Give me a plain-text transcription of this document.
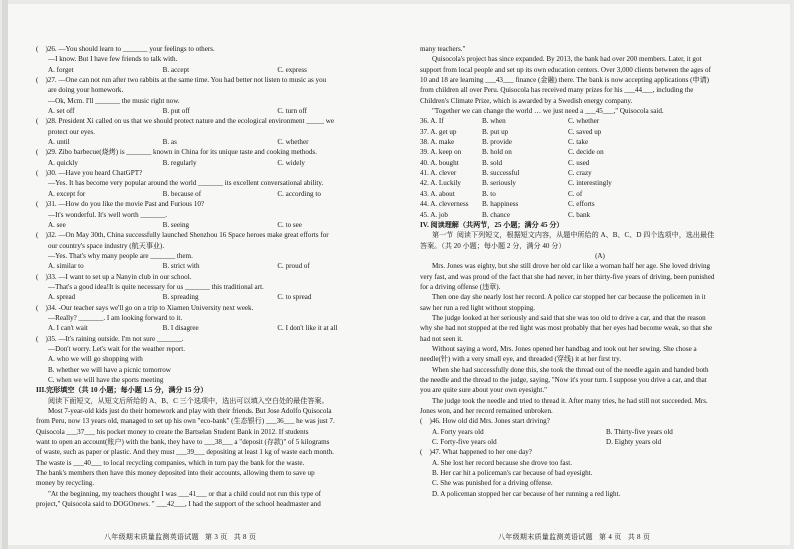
(    )26. —You should learn to _______ your feelings to others.
—I know. But I have few friends to talk with.
A. forget	B. accept	C. express
(    )27. —One can not run after two rabbits at the same time. You had better not listen to music as you
are doing your homework.
—Ok, Mcm. I'll _______ the music right now.
A. set off	B. put off	C. turn off
(    )28. President Xi called on us that we should protect nature and the ecological environment _____ we
protect our eyes.
A. until	B. as	C. whether
(    )29. Zibo barbecue(烧烤) is _______ known in China for its unique taste and cooking methods.
A. quickly	B. regularly	C. widely
(    )30. —Have you heard ChatGPT?
—Yes. It has become very popular around the world _______ its excellent conversational ability.
A. except for	B. because of	C. according to
(    )31. —How do you like the movie Past and Furious 10?
—It's wonderful. It's well worth _______.
A. see	B. seeing	C. to see
(    )32. —On May 30th, China successfully launched Shenzhou 16 Space heroes make great efforts for
our country's space industry (航天事业).
—Yes. That's why many people are _______ them.
A. similar to	B. strict with	C. proud of
(    )33. —I want to set up a Nanyin club in our school.
—That's a good idea!It is quite necessary for us _______ this traditional art.
A. spread	B. spreading	C. to spread
(    )34. -Our teacher says we'll go on a trip to Xiamen University next week.
—Really? _______. I am looking forward to it.
A. I can't wait	B. I disagree	C. I don't like it at all
(    )35. —It's raining outside. I'm not sure _______.
—Don't worry. Let's wait for the weather report.
A. who we will go shopping with
B. whether we will have a picnic tomorrow
C. when we will have the sports meeting
III.完形填空（共 10 小题；每小题 1.5 分，满分 15 分）
阅读下面短文，从短文后所给的 A、B、C 三个选项中，选出可以填入空白处的最佳答案。
Most 7-year-old kids just do their homework and play with their friends. But Jose Adolfo Quisocola
from Peru, now 13 years old, managed to set up his own "eco-bank" (生态银行) ___36___ he was just 7.
Quisocola ___37___ his pocket money to create the Bartselan Student Bank in 2012. If students
want to open an account(账户) with the bank, they have to ___38___ a "deposit (存款)" of 5 kilograms
of waste, such as paper or plastic. And they must ___39___ depositing at least 1 kg of waste each month.
The waste is ___40___ to local recycling companies, which in turn pay the bank for the waste.
The bank's members then have this money deposited into their accounts, allowing them to save up
money by recycling.
"At the beginning, my teachers thought I was ___41___ or that a child could not run this type of
project," Quisocola said to DOGOnews. " ___42___, I had the support of the school headmaster and
many teachers."
Quisocola's project has since expanded. By 2013, the bank had over 200 members. Later, it got
support from local people and set up its own education centers. Over 3,000 clients between the ages of
10 and 18 are learning ___43___ finance (金融) there. The bank is now accepting applications (申请)
from children all over Peru. Quisocola has received many prizes for his ___44___, including the
Children's Climate Prize, which is awarded by a Swedish energy company.
"Together we can change the world … we just need a ___45___," Quisocola said.
36. A. If	B. when	C. whether
37. A. get up	B. put up	C. saved up
38. A. make	B. provide	C. take
39. A. keep on	B. hold on	C. decide on
40. A. bought	B. sold	C. used
41. A. clever	B. successful	C. crazy
42. A. Luckily	B. seriously	C. interestingly
43. A. about	B. to	C. of
44. A. cleverness	B. happiness	C. efforts
45. A. job	B. chance	C. bank
IV. 阅读理解（共两节，25 小题；满分 45 分）
第一节  阅读下列短文，根据短文内容，从题中所给的 A、B、C、D 四个选项中，选出最佳
答案。（共 20 小题；每小题 2 分，满分 40 分）
(A)
Mrs. Jones was eighty, but she still drove her old car like a woman half her age. She loved driving
very fast, and was proud of the fact that she had never, in her thirty-five years of driving, been punished
for a driving offense (违章).
Then one day she nearly lost her record. A police car stopped her car because the policemen in it
saw her run a red light without stopping.
The judge looked at her seriously and said that she was too old to drive a car, and that the reason
why she had not stopped at the red light was most probably that her eyes had become weak, so that she
had not seen it.
Without saying a word, Mrs. Jones opened her handbag and took out her sewing. She chose a
needle(针) with a very small eye, and threaded (穿线) it at her first try.
When she had successfully done this, she took the thread out of the needle again and handed both
the needle and the thread to the judge, saying, "Now it's your turn. I suppose you drive a car, and that
you are quite sure about your own eyesight."
The judge took the needle and tried to thread it. After many tries, he had still not succeeded. Mrs.
Jones won, and her record remained unbroken.
(    )46. How old did Mrs. Jones start driving?
A. Forty years old	B. Thirty-five years old
C. Forty-five years old	D. Eighty years old
(    )47. What happened to her one day?
A. She lost her record because she drove too fast.
B. Her car hit a policeman's car because of bad eyesight.
C. She was punished for a driving offense.
D. A policeman stopped her car because of her running a red light.
八年级期末质量监测英语试题   第 3 页   共 8 页	八年级期末质量监测英语试题   第 4 页   共 8 页
